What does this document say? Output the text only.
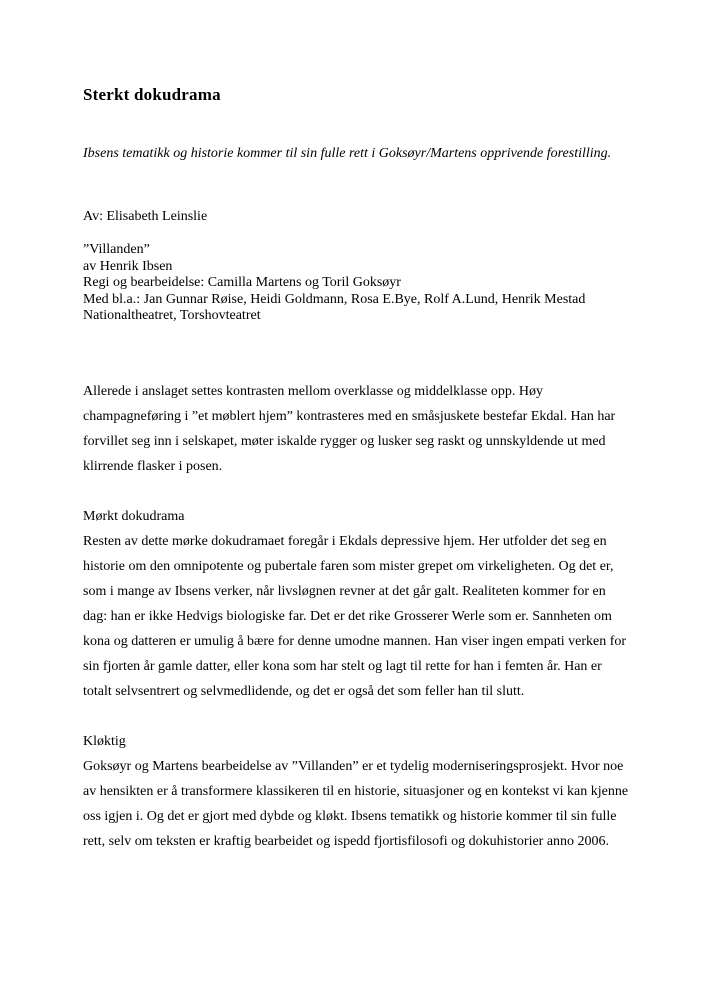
Sterkt dokudrama

Ibsens tematikk og historie kommer til sin fulle rett i Goksøyr/Martens opprivende forestilling.

Av: Elisabeth Leinslie

”Villanden”
av Henrik Ibsen
Regi og bearbeidelse: Camilla Martens og Toril Goksøyr
Med bl.a.: Jan Gunnar Røise, Heidi Goldmann, Rosa E.Bye, Rolf A.Lund, Henrik Mestad
Nationaltheatret, Torshovteatret

Allerede i anslaget settes kontrasten mellom overklasse og middelklasse opp. Høy champagneføring i ”et møblert hjem” kontrasteres med en småsjuskete bestefar Ekdal. Han har forvillet seg inn i selskapet, møter iskalde rygger og lusker seg raskt og unnskyldende ut med klirrende flasker i posen.

Mørkt dokudrama

Resten av dette mørke dokudramaet foregår i Ekdals depressive hjem. Her utfolder det seg en historie om den omnipotente og pubertale faren som mister grepet om virkeligheten. Og det er, som i mange av Ibsens verker, når livsløgnen revner at det går galt. Realiteten kommer for en dag: han er ikke Hedvigs biologiske far. Det er det rike Grosserer Werle som er. Sannheten om kona og datteren er umulig å bære for denne umodne mannen. Han viser ingen empati verken for sin fjorten år gamle datter, eller kona som har stelt og lagt til rette for han i femten år. Han er totalt selvsentrert og selvmedlidende, og det er også det som feller han til slutt.

Kløktig

Goksøyr og Martens bearbeidelse av ”Villanden” er et tydelig moderniseringsprosjekt. Hvor noe av hensikten er å transformere klassikeren til en historie, situasjoner og en kontekst vi kan kjenne oss igjen i. Og det er gjort med dybde og kløkt. Ibsens tematikk og historie kommer til sin fulle rett, selv om teksten er kraftig bearbeidet og ispedd fjortisfilosofi og dokuhistorier anno 2006.
